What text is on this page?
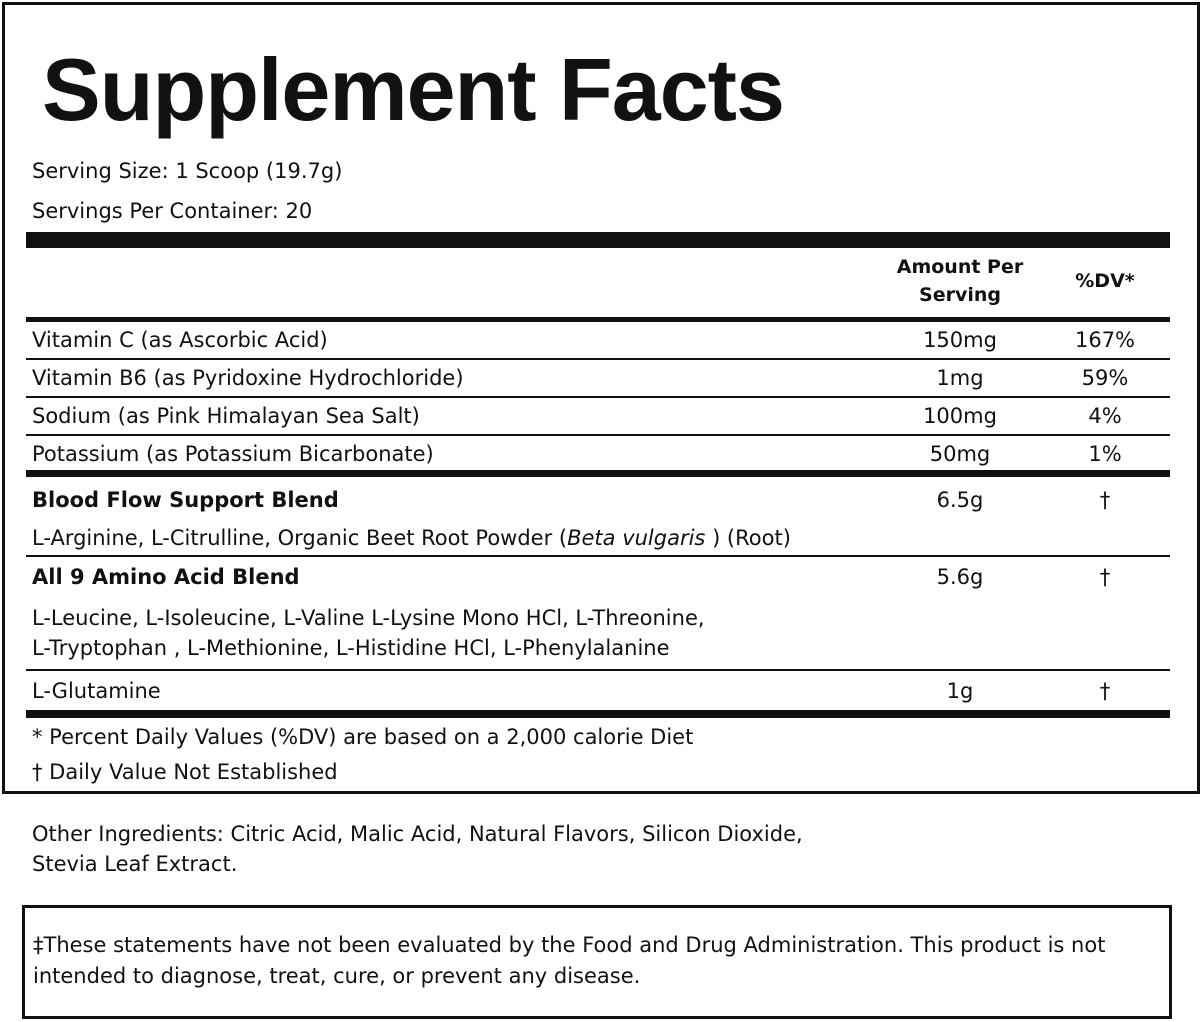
Supplement Facts
Serving Size: 1 Scoop (19.7g)
Servings Per Container: 20
Amount Per Serving
%DV*
Vitamin C (as Ascorbic Acid)	150mg	167%
Vitamin B6 (as Pyridoxine Hydrochloride)	1mg	59%
Sodium (as Pink Himalayan Sea Salt)	100mg	4%
Potassium (as Potassium Bicarbonate)	50mg	1%
Blood Flow Support Blend	6.5g	†
L-Arginine, L-Citrulline, Organic Beet Root Powder (Beta vulgaris ) (Root)
All 9 Amino Acid Blend	5.6g	†
L-Leucine, L-Isoleucine, L-Valine L-Lysine Mono HCl, L-Threonine,
L-Tryptophan , L-Methionine, L-Histidine HCl, L-Phenylalanine
L-Glutamine	1g	†
* Percent Daily Values (%DV) are based on a 2,000 calorie Diet
† Daily Value Not Established
Other Ingredients: Citric Acid, Malic Acid, Natural Flavors, Silicon Dioxide,
Stevia Leaf Extract.
‡These statements have not been evaluated by the Food and Drug Administration. This product is not intended to diagnose, treat, cure, or prevent any disease.
